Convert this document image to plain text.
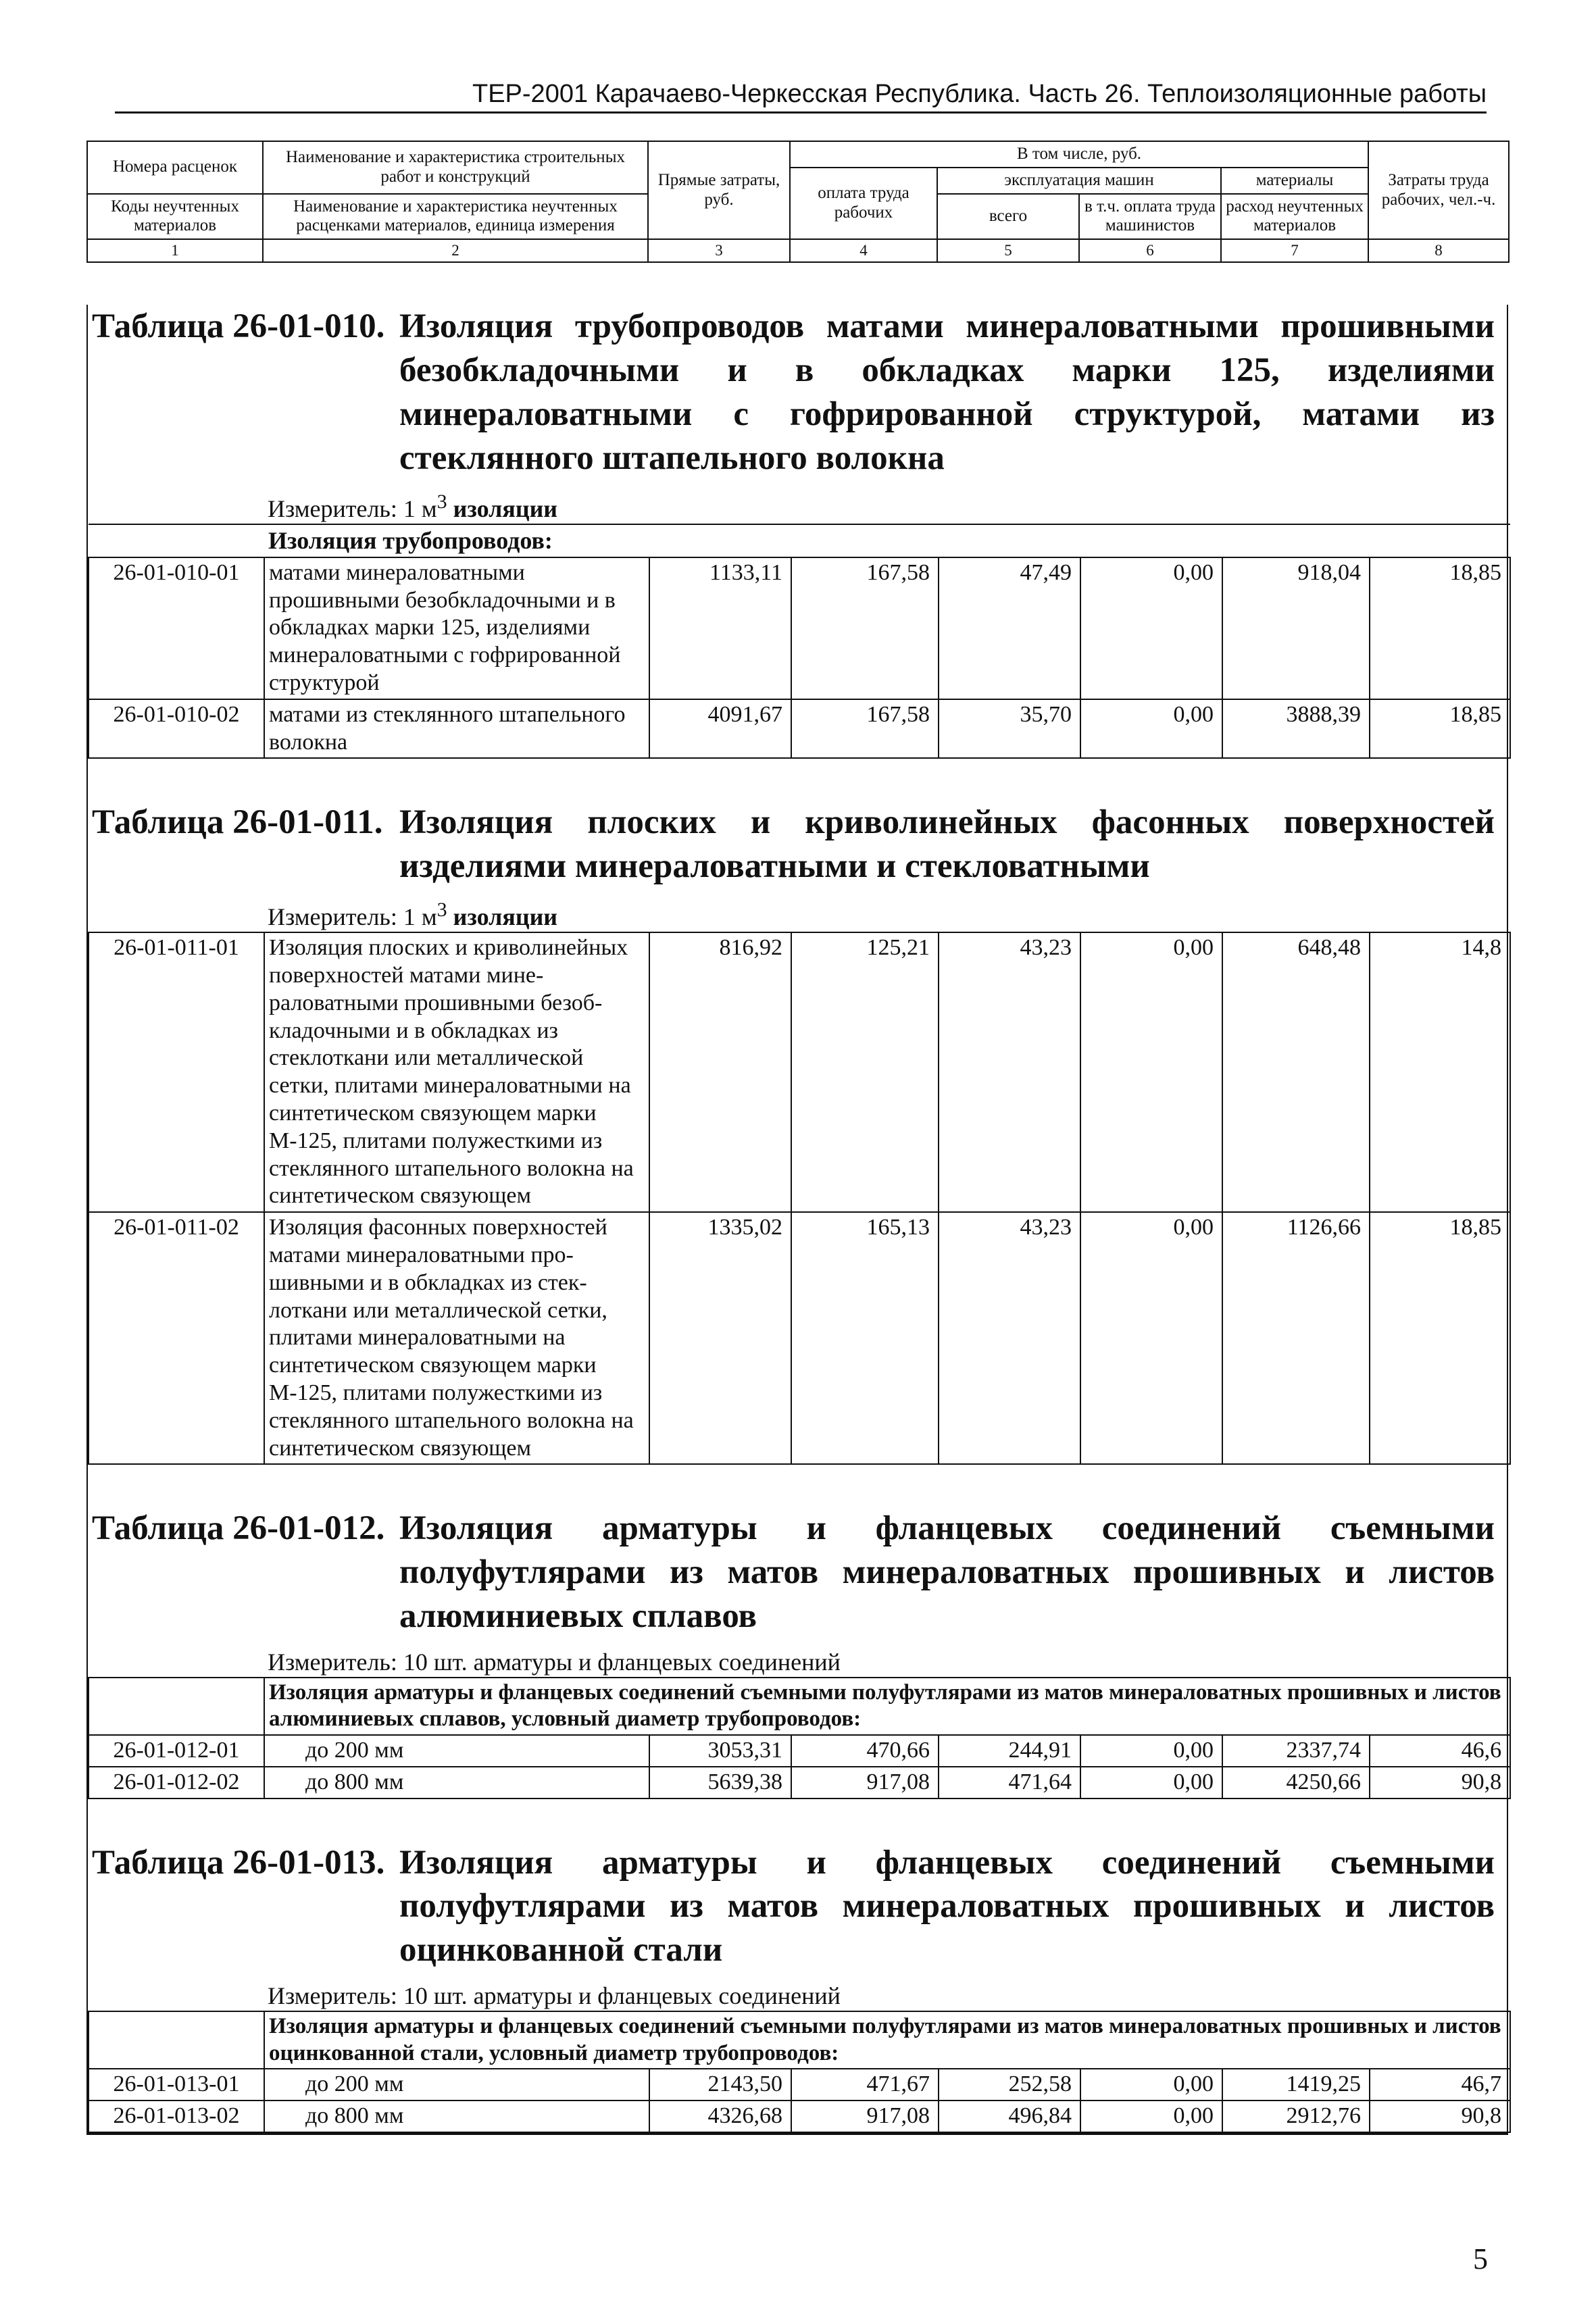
ТЕР-2001 Карачаево-Черкесская Республика. Часть 26. Теплоизоляционные работы
Номера расценок	Наименование и характеристика строительных работ и конструкций	Прямые затраты, руб.	В том числе, руб.				Затраты труда рабочих, чел.-ч.
			оплата труда рабочих	эксплуатация машин		материалы	
Коды неучтенных материалов	Наименование и характеристика неучтенных расценками материалов, единица измерения			всего	в т.ч. оплата труда машинистов	расход неучтенных материалов	

1	2	3	4	5	6	7	8
Таблица 26-01-010. Изоляция трубопроводов матами минераловатными прошивными безобкладочными и в обкладках марки 125, изделиями минераловатными с гофрированной структурой, матами из стеклянного штапельного волокна
Измеритель: 1 $м^3$ изоляции
	Изоляция трубопроводов:						
26-01-010-01	матами минераловатными прошивными безобкладочными и в обкладках марки 125, изделиями минераловатными с гофрированной структурой	1133,11	167,58	47,49	0,00	918,04	18,85
26-01-010-02	матами из стеклянного штапельного волокна	4091,67	167,58	35,70	0,00	3888,39	18,85
Таблица 26-01-011. Изоляция плоских и криволинейных фасонных поверхностей изделиями минераловатными и стекловатными
Измеритель: 1 $м^3$ изоляции
26-01-011-01	Изоляция плоских и криволинейных поверхностей матами минераловатными прошивными безобкладочными и в обкладках из стеклоткани или металлической сетки, плитами минераловатными на синтетическом связующем марки М-125, плитами полужесткими из стеклянного штапельного волокна на синтетическом связующем	816,92	125,21	43,23	0,00	648,48	14,8
26-01-011-02	Изоляция фасонных поверхностей матами минераловатными прошивными и в обкладках из стеклоткани или металлической сетки, плитами минераловатными на синтетическом связующем марки М-125, плитами полужесткими из стеклянного штапельного волокна на синтетическом связующем	1335,02	165,13	43,23	0,00	1126,66	18,85
Таблица 26-01-012. Изоляция арматуры и фланцевых соединений съемными полуфутлярами из матов минераловатных прошивных и листов алюминиевых сплавов
Измеритель: 10 шт. арматуры и фланцевых соединений
	Изоляция арматуры и фланцевых соединений съемными полуфутлярами из матов минераловатных прошивных и листов алюминиевых сплавов, условный диаметр трубопроводов:						
26-01-012-01	до 200 мм	3053,31	470,66	244,91	0,00	2337,74	46,6
26-01-012-02	до 800 мм	5639,38	917,08	471,64	0,00	4250,66	90,8
Таблица 26-01-013. Изоляция арматуры и фланцевых соединений съемными полуфутлярами из матов минераловатных прошивных и листов оцинкованной стали
Измеритель: 10 шт. арматуры и фланцевых соединений
	Изоляция арматуры и фланцевых соединений съемными полуфутлярами из матов минераловатных прошивных и листов оцинкованной стали, условный диаметр трубопроводов:						
26-01-013-01	до 200 мм	2143,50	471,67	252,58	0,00	1419,25	46,7
26-01-013-02	до 800 мм	4326,68	917,08	496,84	0,00	2912,76	90,8
5
